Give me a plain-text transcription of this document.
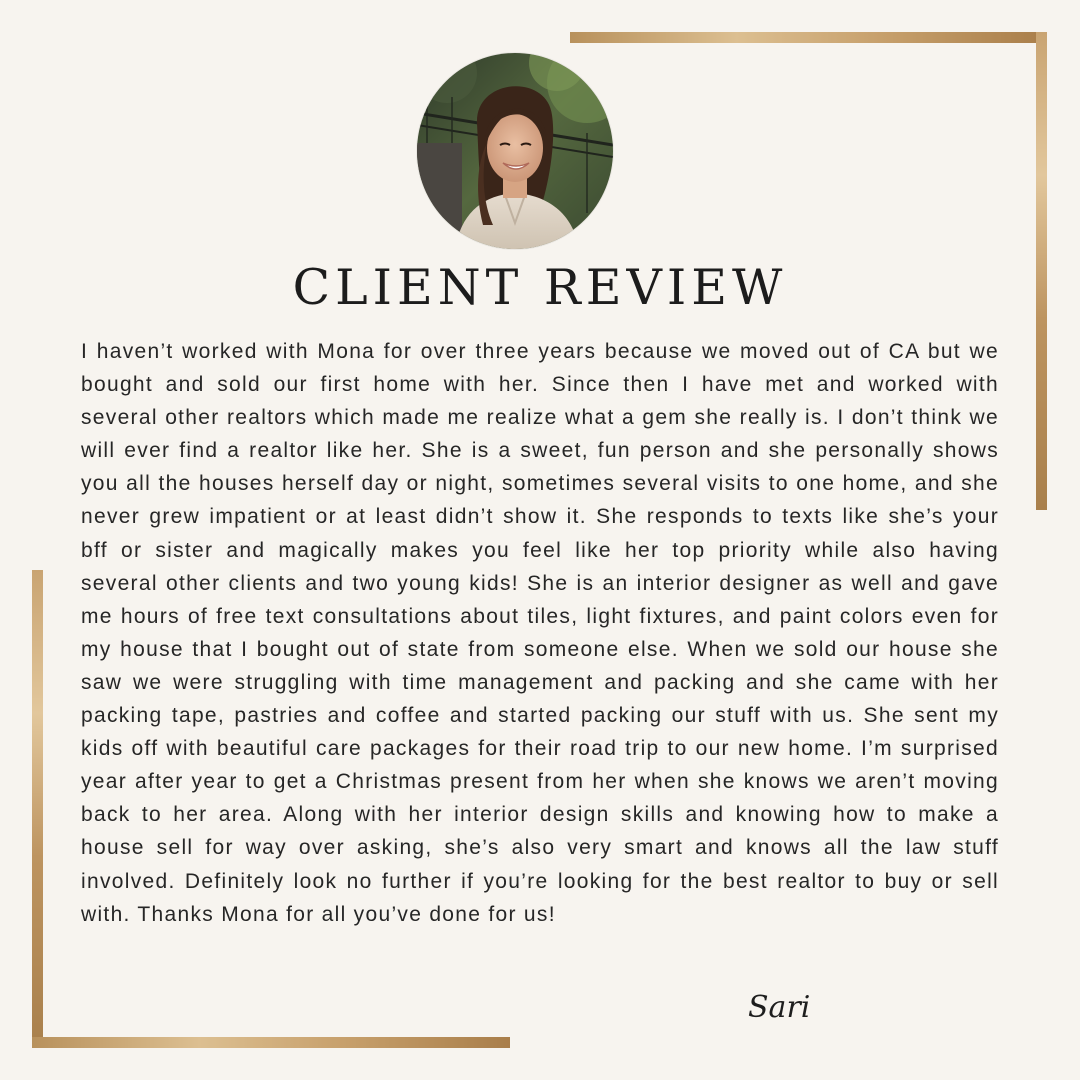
CLIENT REVIEW

I haven’t worked with Mona for over three years because we moved out of CA but we bought and sold our first home with her. Since then I have met and worked with several other realtors which made me realize what a gem she really is. I don’t think we will ever find a realtor like her. She is a sweet, fun person and she personally shows you all the houses herself day or night, sometimes several visits to one home, and she never grew impatient or at least didn’t show it. She responds to texts like she’s your bff or sister and magically makes you feel like her top priority while also having several other clients and two young kids! She is an interior designer as well and gave me hours of free text consultations about tiles, light fixtures, and paint colors even for my house that I bought out of state from someone else. When we sold our house she saw we were struggling with time management and packing and she came with her packing tape, pastries and coffee and started packing our stuff with us. She sent my kids off with beautiful care packages for their road trip to our new home. I’m surprised year after year to get a Christmas present from her when she knows we aren’t moving back to her area. Along with her interior design skills and knowing how to make a house sell for way over asking, she’s also very smart and knows all the law stuff involved. Definitely look no further if you’re looking for the best realtor to buy or sell with. Thanks Mona for all you’ve done for us!

Sari
